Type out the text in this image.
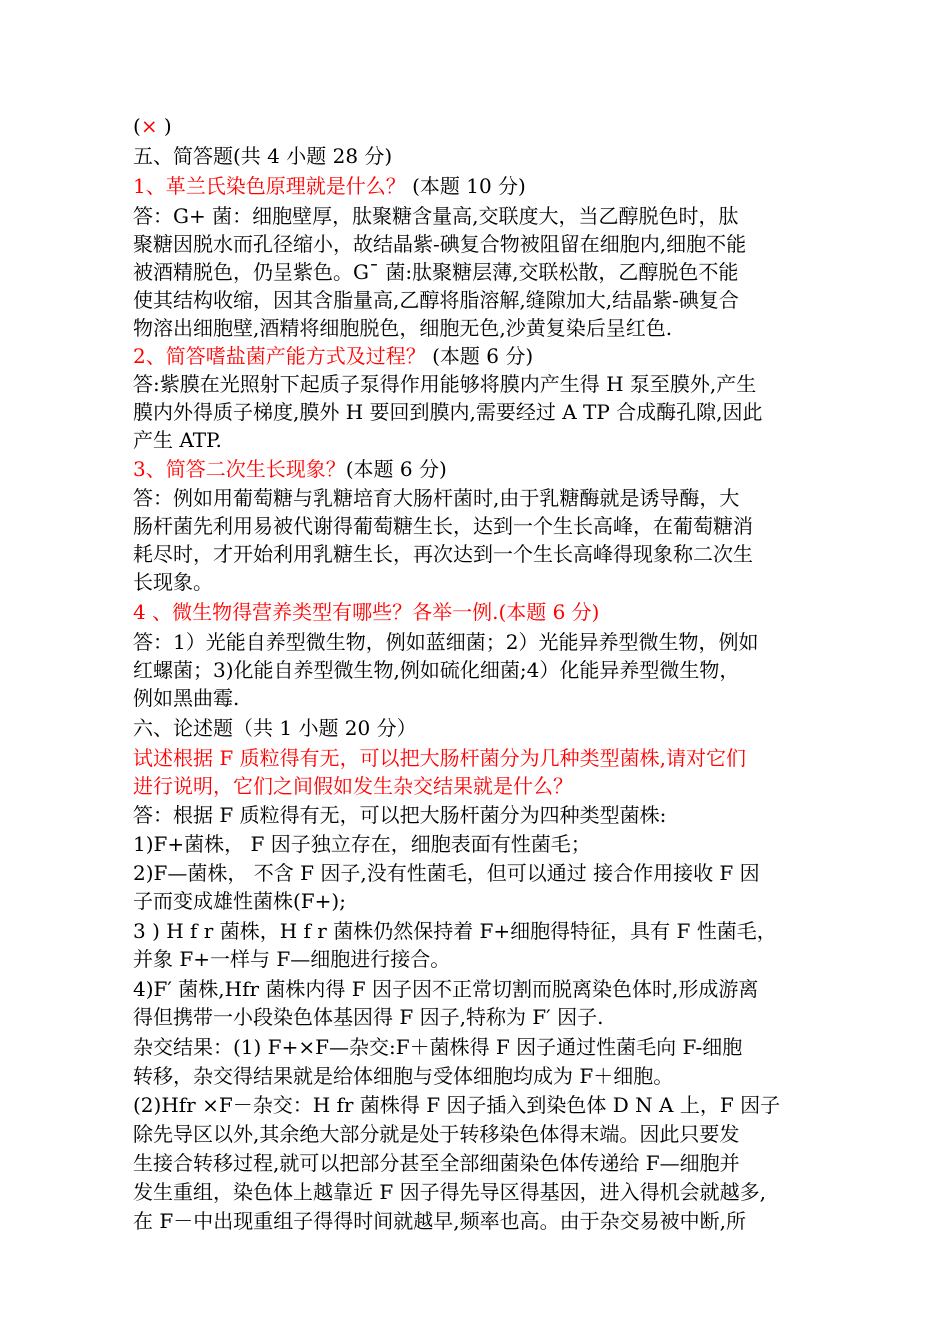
(× )
五、简答题(共 4 小题 28 分)
1、革兰氏染色原理就是什么？ (本题 10 分)
答：G+ 菌：细胞壁厚，肽聚糖含量高,交联度大，当乙醇脱色时，肽
聚糖因脱水而孔径缩小，故结晶紫-碘复合物被阻留在细胞内,细胞不能
被酒精脱色，仍呈紫色。G¯ 菌:肽聚糖层薄,交联松散，乙醇脱色不能
使其结构收缩，因其含脂量高,乙醇将脂溶解,缝隙加大,结晶紫-碘复合
物溶出细胞壁,酒精将细胞脱色，细胞无色,沙黄复染后呈红色.
2、简答嗜盐菌产能方式及过程？ (本题 6 分)
答:紫膜在光照射下起质子泵得作用能够将膜内产生得 H 泵至膜外,产生
膜内外得质子梯度,膜外 H 要回到膜内,需要经过 A TP 合成酶孔隙,因此
产生 ATP.
3、简答二次生长现象？(本题 6 分)
答：例如用葡萄糖与乳糖培育大肠杆菌时,由于乳糖酶就是诱导酶，大
肠杆菌先利用易被代谢得葡萄糖生长，达到一个生长高峰，在葡萄糖消
耗尽时，才开始利用乳糖生长，再次达到一个生长高峰得现象称二次生
长现象。
4 、微生物得营养类型有哪些？各举一例.(本题 6 分)
答：1）光能自养型微生物，例如蓝细菌；2）光能异养型微生物，例如
红螺菌；3)化能自养型微生物,例如硫化细菌;4）化能异养型微生物，
例如黑曲霉.
六、论述题（共 1 小题 20 分）
试述根据 F 质粒得有无，可以把大肠杆菌分为几种类型菌株,请对它们
进行说明，它们之间假如发生杂交结果就是什么？
答：根据 F 质粒得有无，可以把大肠杆菌分为四种类型菌株:
1)F+菌株， F 因子独立存在，细胞表面有性菌毛；
2)F—菌株， 不含 F 因子,没有性菌毛，但可以通过 接合作用接收 F 因
子而变成雄性菌株(F+);
3 ) H f r 菌株，H f r 菌株仍然保持着 F+细胞得特征，具有 F 性菌毛，
并象 F+一样与 F—细胞进行接合。
4)F′ 菌株,Hfr 菌株内得 F 因子因不正常切割而脱离染色体时,形成游离
得但携带一小段染色体基因得 F 因子,特称为 F′ 因子.
杂交结果：(1) F+×F—杂交:F＋菌株得 F 因子通过性菌毛向 F-细胞
转移，杂交得结果就是给体细胞与受体细胞均成为 F＋细胞。
(2)Hfr ×F－杂交：H fr 菌株得 F 因子插入到染色体 D N A 上，F 因子
除先导区以外,其余绝大部分就是处于转移染色体得末端。因此只要发
生接合转移过程,就可以把部分甚至全部细菌染色体传递给 F—细胞并
发生重组，染色体上越靠近 F 因子得先导区得基因，进入得机会就越多,
在 F－中出现重组子得得时间就越早,频率也高。由于杂交易被中断,所
